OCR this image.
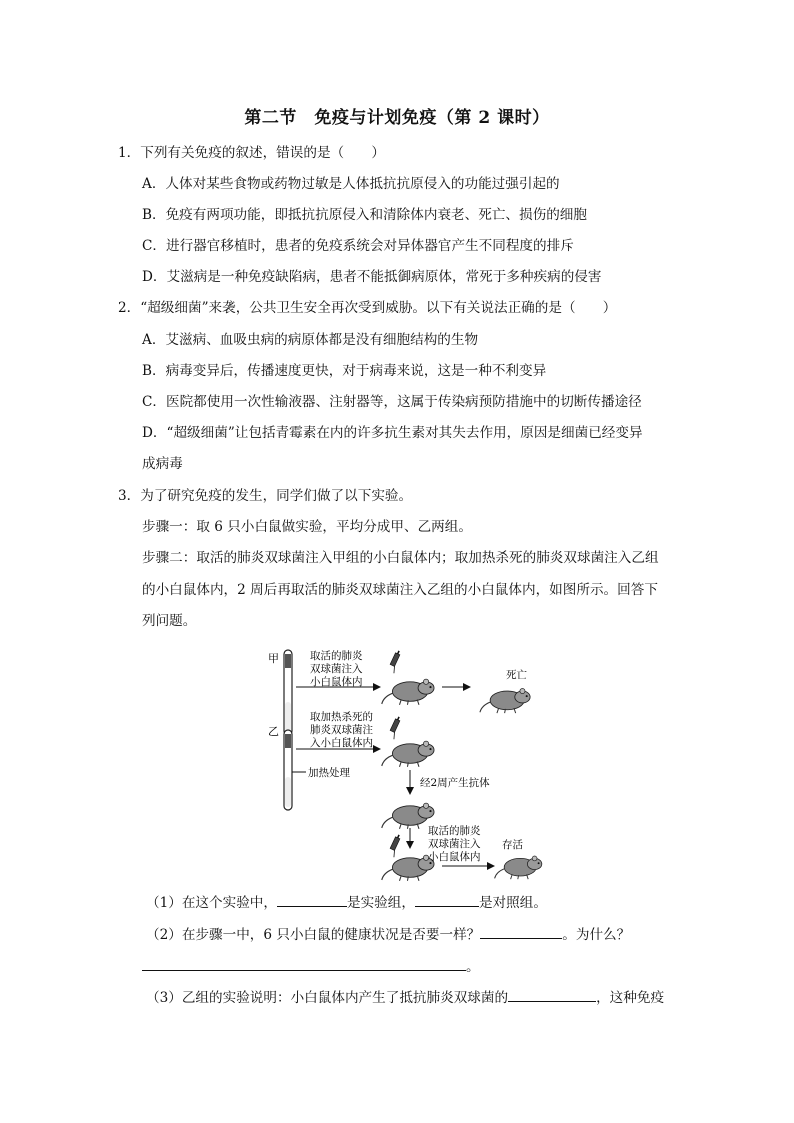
第二节　免疫与计划免疫（第 2 课时）
1．下列有关免疫的叙述，错误的是（　　）
A．人体对某些食物或药物过敏是人体抵抗抗原侵入的功能过强引起的
B．免疫有两项功能，即抵抗抗原侵入和清除体内衰老、死亡、损伤的细胞
C．进行器官移植时，患者的免疫系统会对异体器官产生不同程度的排斥
D．艾滋病是一种免疫缺陷病，患者不能抵御病原体，常死于多种疾病的侵害
2．“超级细菌”来袭，公共卫生安全再次受到威胁。以下有关说法正确的是（　　）
A．艾滋病、血吸虫病的病原体都是没有细胞结构的生物
B．病毒变异后，传播速度更快，对于病毒来说，这是一种不利变异
C．医院都使用一次性输液器、注射器等，这属于传染病预防措施中的切断传播途径
D．“超级细菌”让包括青霉素在内的许多抗生素对其失去作用，原因是细菌已经变异
成病毒
3．为了研究免疫的发生，同学们做了以下实验。
步骤一：取 6 只小白鼠做实验，平均分成甲、乙两组。
步骤二：取活的肺炎双球菌注入甲组的小白鼠体内；取加热杀死的肺炎双球菌注入乙组
的小白鼠体内，2 周后再取活的肺炎双球菌注入乙组的小白鼠体内，如图所示。回答下
列问题。
甲
乙
取活的肺炎
双球菌注入
小白鼠体内
死亡
取加热杀死的
肺炎双球菌注
入小白鼠体内
加热处理
经2周产生抗体
取活的肺炎
双球菌注入
小白鼠体内
存活
（1）在这个实验中，	是实验组，	是对照组。
（2）在步骤一中，6 只小白鼠的健康状况是否要一样？	。为什么？
。
（3）乙组的实验说明：小白鼠体内产生了抵抗肺炎双球菌的	，这种免疫
